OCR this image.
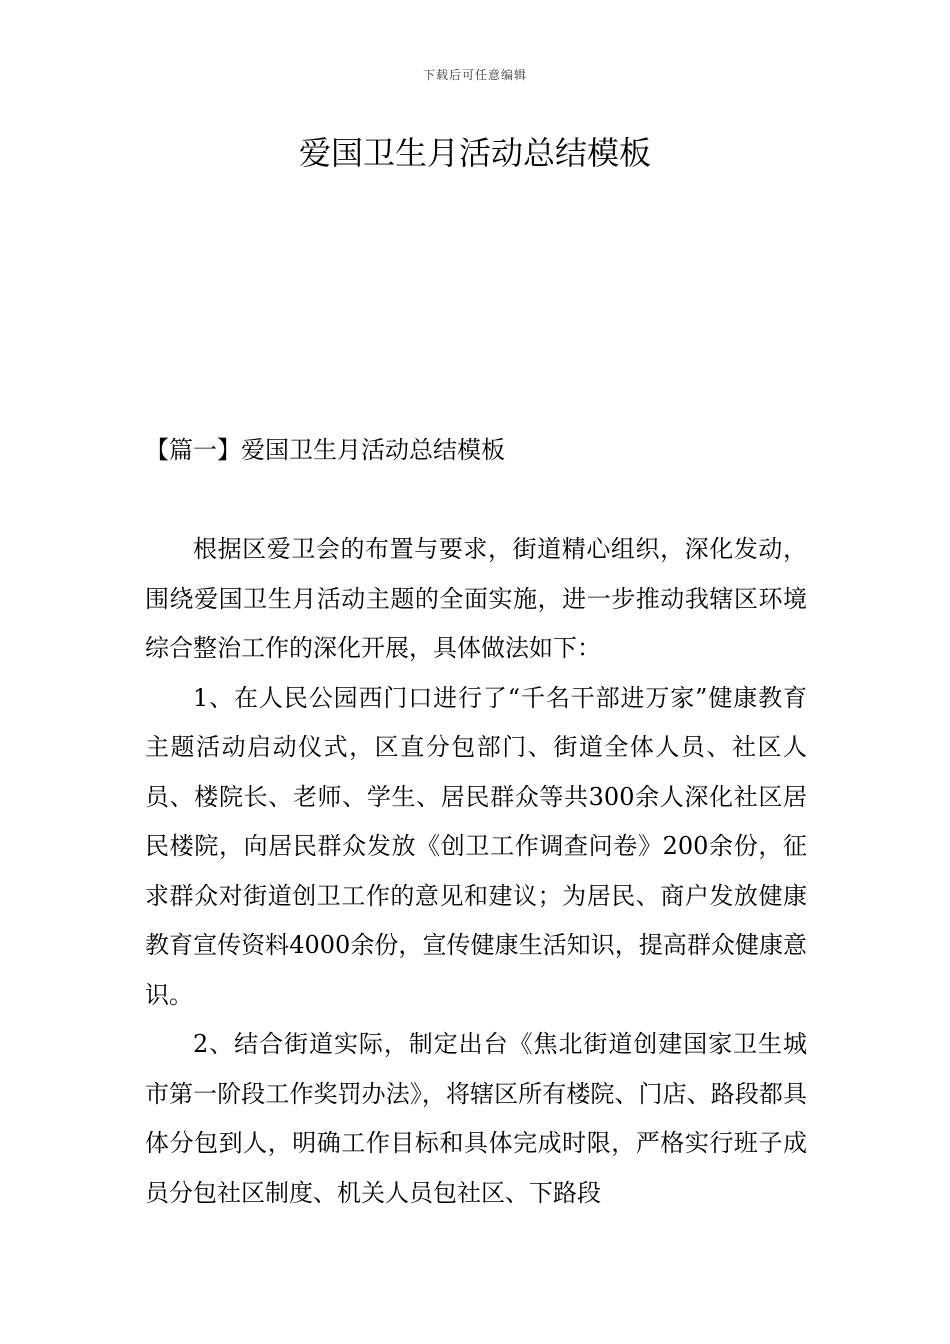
下载后可任意编辑
爱国卫生月活动总结模板
【篇一】爱国卫生月活动总结模板

根据区爱卫会的布置与要求，街道精心组织，深化发动，围绕爱国卫生月活动主题的全面实施，进一步推动我辖区环境综合整治工作的深化开展，具体做法如下：

1、在人民公园西门口进行了“千名干部进万家”健康教育主题活动启动仪式，区直分包部门、街道全体人员、社区人员、楼院长、老师、学生、居民群众等共300余人深化社区居民楼院，向居民群众发放《创卫工作调查问卷》200余份，征求群众对街道创卫工作的意见和建议；为居民、商户发放健康教育宣传资料4000余份，宣传健康生活知识，提高群众健康意识。

2、结合街道实际，制定出台《焦北街道创建国家卫生城市第一阶段工作奖罚办法》，将辖区所有楼院、门店、路段都具体分包到人，明确工作目标和具体完成时限，严格实行班子成员分包社区制度、机关人员包社区、下路段
